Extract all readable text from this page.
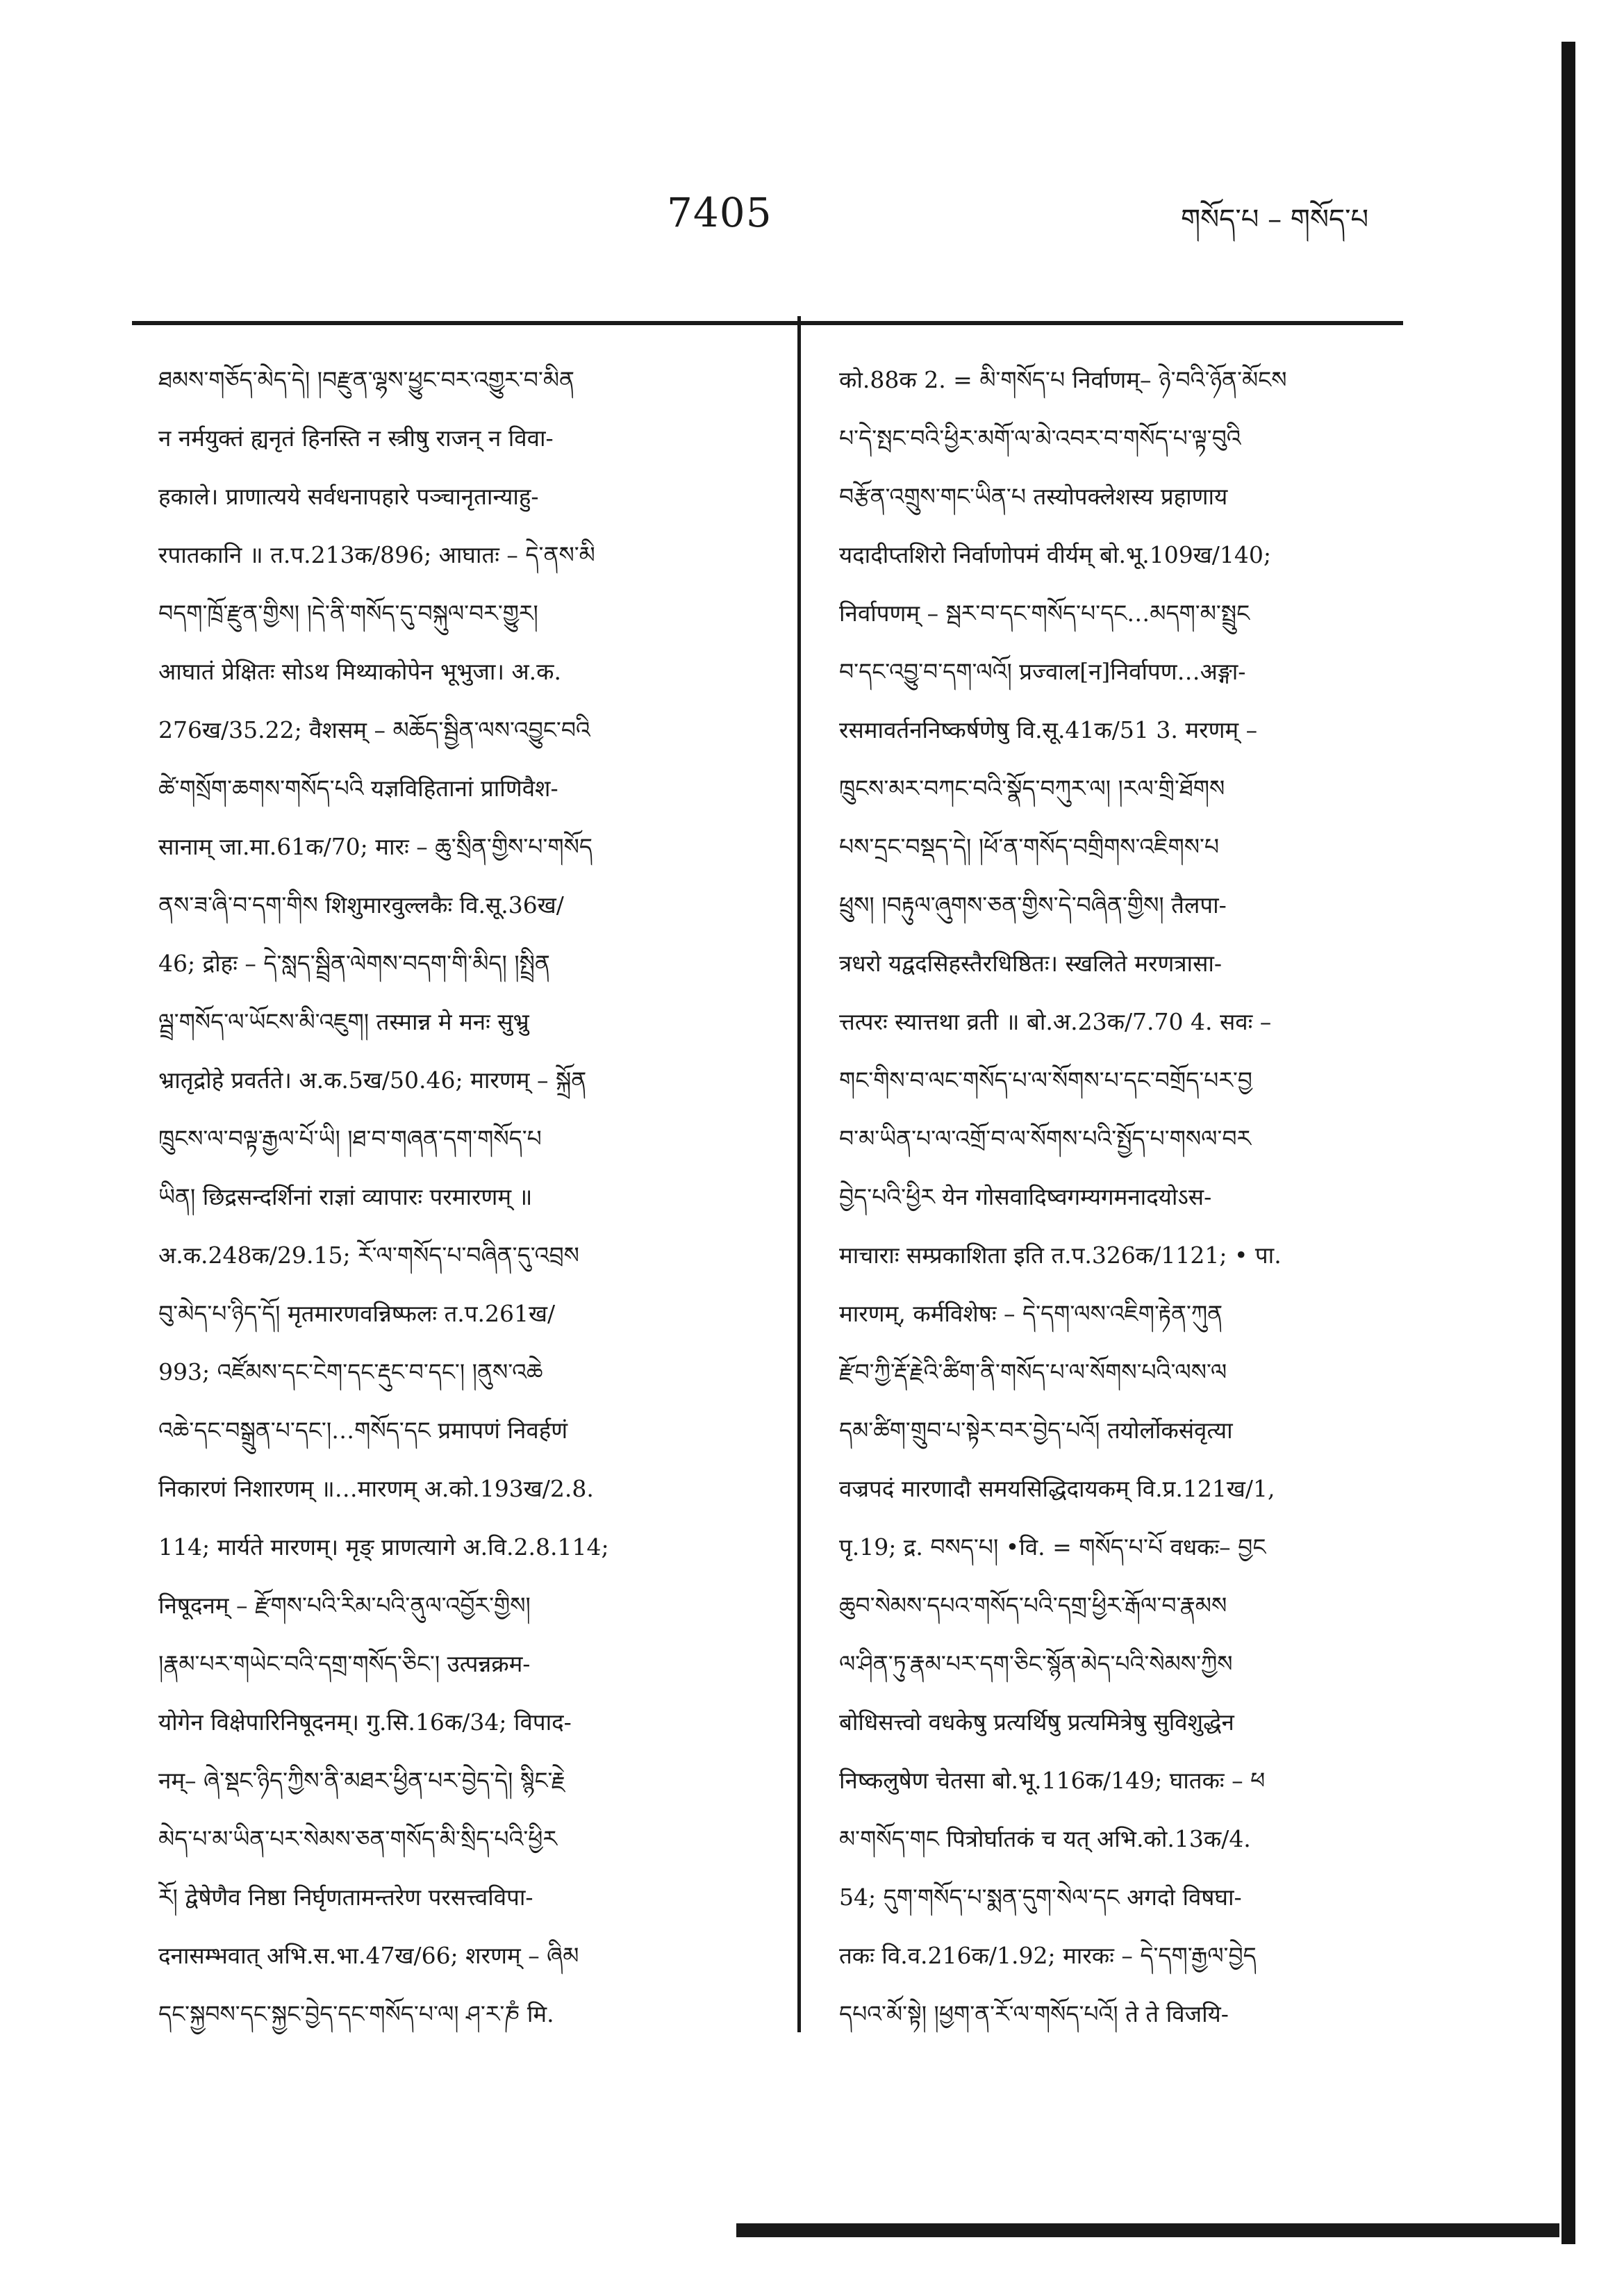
7405	གསོད་པ – གསོད་པ
ཐམས་གཅོད་མེད་དེ། །བརྫུན་ལྷས་ཕྱུང་བར་འགྱུར་བ་མིན
न नर्मयुक्तं ह्यनृतं हिनस्ति न स्त्रीषु राजन् न विवा-
हकाले। प्राणात्यये सर्वधनापहारे पञ्चानृतान्याहु-
रपातकानि ॥ त.प.213क/896; आघातः – དེ་ནས་མི
བདག་ཁྲོ་རྫུན་གྱིས། །དེ་ནི་གསོད་དུ་བསྐུལ་བར་གྱུར།
आघातं प्रेक्षितः सोऽथ मिथ्याकोपेन भूभुजा। अ.क.
276ख/35.22; वैशसम् – མཆོད་སྦྱིན་ལས་འབྱུང་བའི
ཚེ་གསྲོག་ཆགས་གསོད་པའི यज्ञविहितानां प्राणिवैश-
सानाम् जा.मा.61क/70; मारः – ཆུ་སྲིན་གྱིས་པ་གསོད
ནས་ཟ་ཞི་བ་དག་གིས शिशुमारवुल्लकैः वि.सू.36ख/
46; द्रोहः – དེ་སླད་སྦྲིན་ལེགས་བདག་གི་མིད། །སྤྲིན
ལྦྲ་གསོད་ལ་ཡོངས་མི་འཇུག། तस्मान्न मे मनः सुभ्रु
भ्रातृद्रोहे प्रवर्तते। अ.क.5ख/50.46; मारणम् – སྐྲོན
ཁྲུངས་ལ་བལྟ་རྒྱལ་པོ་ཡི། །ཐ་བ་གཞན་དག་གསོད་པ
ཡིན། छिद्रसन्दर्शिनां राज्ञां व्यापारः परमारणम् ॥
अ.क.248क/29.15; རོ་ལ་གསོད་པ་བཞིན་དུ་འབྲས
བུ་མེད་པ་ཉིད་དོ། मृतमारणवन्निष्फलः त.प.261ख/
993; འཛོམས་དང་ངེག་དང་རྡུང་བ་དང་། །ནུས་འཆེ
འཆེ་དང་བསྒྲུན་པ་དང་།…གསོད་དང प्रमापणं निवर्हणं
निकारणं निशारणम् ॥…मारणम् अ.को.193ख/2.8.
114; मार्यते मारणम्। मृङ् प्राणत्यागे अ.वि.2.8.114;
निषूदनम् – རྫོགས་པའི་རིམ་པའི་ནུལ་འབྱོར་གྱིས།
།རྣམ་པར་གཡེང་བའི་དགྲ་གསོད་ཅིང་། उत्पन्नक्रम-
योगेन विक्षेपारिनिषूदनम्। गु.सि.16क/34; विपाद-
नम्– ཞེ་སྡང་ཉིད་ཀྱིས་ནི་མཐར་ཕྱིན་པར་བྱེད་དེ། སྙིང་རྗེ
མེད་པ་མ་ཡིན་པར་སེམས་ཅན་གསོད་མི་སྲིད་པའི་ཕྱིར
རོ། द्वेषेणैव निष्ठा निर्घृणतामन्तरेण परसत्त्वविपा-
दनासम्भवात् अभि.स.भा.47ख/66; शरणम् – ཞིམ
དང་སྐྱབས་དང་སྐྱང་བྱེད་དང་གསོད་པ་ལ། ཤ་ར་ཎཾ मि.
को.88क 2. = མི་གསོད་པ निर्वाणम्– ཉེ་བའི་ཉོན་མོངས
པ་དེ་སྤང་བའི་ཕྱིར་མགོ་ལ་མེ་འབར་བ་གསོད་པ་ལྟ་བུའི
བརྩོན་འགྲུས་གང་ཡིན་པ तस्योपक्लेशस्य प्रहाणाय
यदादीप्तशिरो निर्वाणोपमं वीर्यम् बो.भू.109ख/140;
निर्वापणम् – སྦར་བ་དང་གསོད་པ་དང…མདག་མ་སྤྲུང
བ་དང་འབྱུ་བ་དག་ལའོ། प्रज्वाल[न]निर्वापण…अङ्गा-
रसमावर्तननिष्कर्षणेषु वि.सू.41क/51 3. मरणम् –
ཁྲུངས་མར་བཀང་བའི་སྣོད་བཀུར་ལ། །རལ་གྲི་ཐོགས
པས་དྲང་བསྡད་དེ། །ཕོ་ན་གསོད་བགྲིགས་འཇིགས་པ
ཕྲུས། །བརྟུལ་ཞུགས་ཅན་གྱིས་དེ་བཞིན་གྱིས། तैलपा-
त्रधरो यद्वदसिहस्तैरधिष्ठितः। स्खलिते मरणत्रासा-
त्तत्परः स्यात्तथा व्रती ॥ बो.अ.23क/7.70 4. सवः –
གང་གིས་བ་ལང་གསོད་པ་ལ་སོགས་པ་དང་བགྲོད་པར་བྱ
བ་མ་ཡིན་པ་ལ་འགྲོ་བ་ལ་སོགས་པའི་སྤྱོད་པ་གསལ་བར
བྱེད་པའི་ཕྱིར येन गोसवादिष्वगम्यगमनादयोऽस-
माचाराः सम्प्रकाशिता इति त.प.326क/1121; • पा.
मारणम्, कर्मविशेषः – དེ་དག་ལས་འཇིག་རྟེན་ཀུན
རྫོབ་ཀྱི་རྡོ་རྗེའི་ཚིག་ནི་གསོད་པ་ལ་སོགས་པའི་ལས་ལ
དམ་ཚིག་གྲུབ་པ་སྟེར་བར་བྱེད་པའོ། तयोर्लोकसंवृत्या
वज्रपदं मारणादौ समयसिद्धिदायकम् वि.प्र.121ख/1,
पृ.19; द्र. བསད་པ། •वि. = གསོད་པ་པོ वधकः– བྱང
ཆུབ་སེམས་དཔའ་གསོད་པའི་དགྲ་ཕྱིར་རྒོལ་བ་རྣམས
ལ་ཤིན་ཏུ་རྣམ་པར་དག་ཅིང་སྙོན་མེད་པའི་སེམས་ཀྱིས
बोधिसत्त्वो वधकेषु प्रत्यर्थिषु प्रत्यमित्रेषु सुविशुद्धेन
निष्कलुषेण चेतसा बो.भू.116क/149; घातकः – ཕ
མ་གསོད་གང पित्रोर्घातकं च यत् अभि.को.13क/4.
54; དུག་གསོད་པ་སྨན་དུག་སེལ་དང अगदो विषघा-
तकः वि.व.216क/1.92; मारकः – དེ་དག་རྒྱལ་བྱེད
དཔའ་མོ་སྟེ། །ཕྱག་ན་རོ་ལ་གསོད་པའོ། ते ते विजयि-
